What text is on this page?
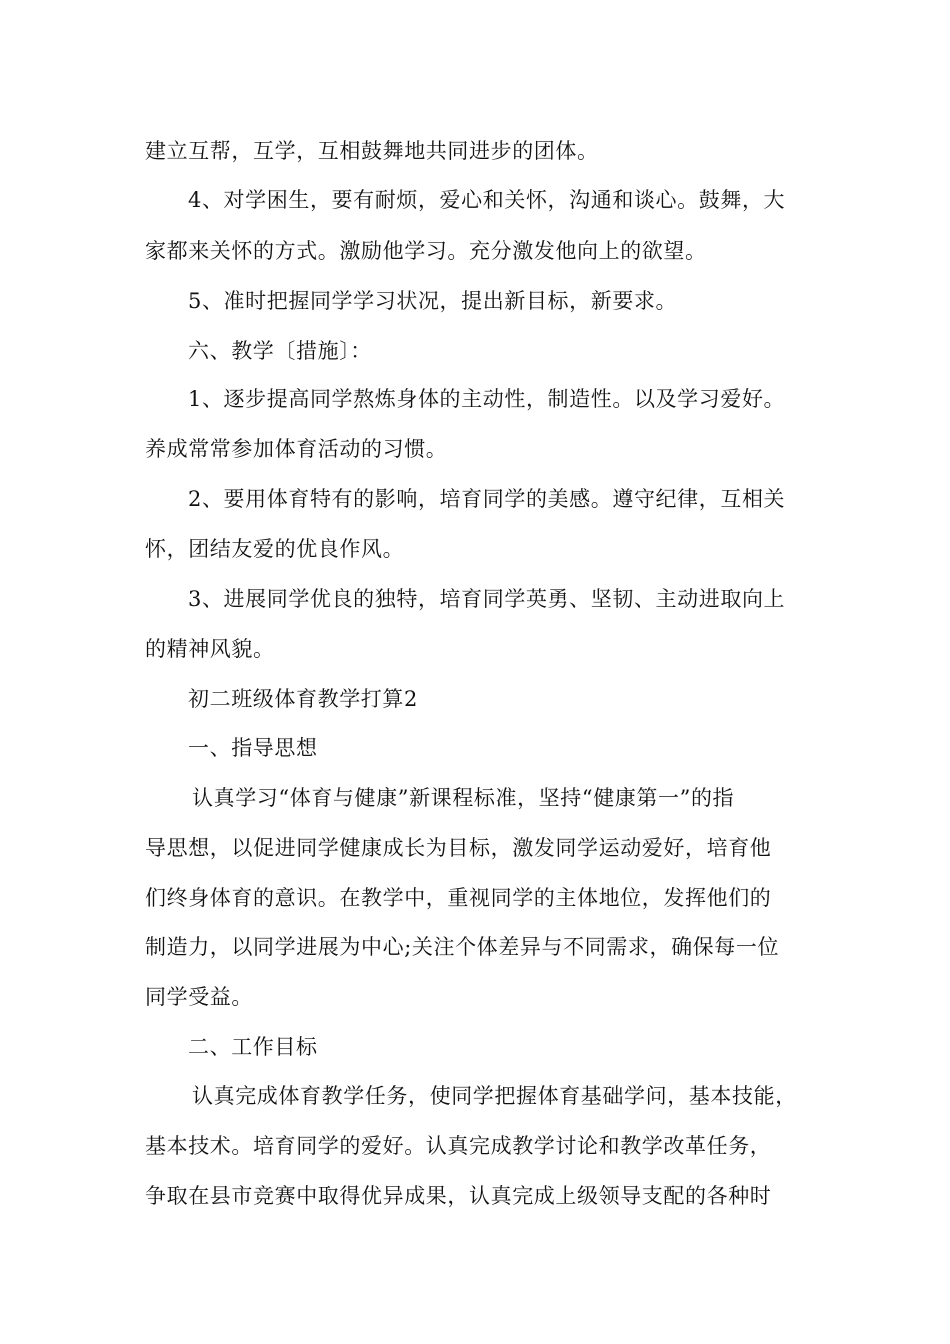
建立互帮，互学，互相鼓舞地共同进步的团体。
4、对学困生，要有耐烦，爱心和关怀，沟通和谈心。鼓舞，大
家都来关怀的方式。激励他学习。充分激发他向上的欲望。
5、准时把握同学学习状况，提出新目标，新要求。
六、教学〔措施〕：
1、逐步提高同学熬炼身体的主动性，制造性。以及学习爱好。
养成常常参加体育活动的习惯。
2、要用体育特有的影响，培育同学的美感。遵守纪律，互相关
怀，团结友爱的优良作风。
3、进展同学优良的独特，培育同学英勇、坚韧、主动进取向上
的精神风貌。
初二班级体育教学打算2
一、指导思想
认真学习“体育与健康”新课程标准，坚持“健康第一”的指
导思想，以促进同学健康成长为目标，激发同学运动爱好，培育他
们终身体育的意识。在教学中，重视同学的主体地位，发挥他们的
制造力，以同学进展为中心;关注个体差异与不同需求，确保每一位
同学受益。
二、工作目标
认真完成体育教学任务，使同学把握体育基础学问，基本技能，
基本技术。培育同学的爱好。认真完成教学讨论和教学改革任务，
争取在县市竞赛中取得优异成果，认真完成上级领导支配的各种时
